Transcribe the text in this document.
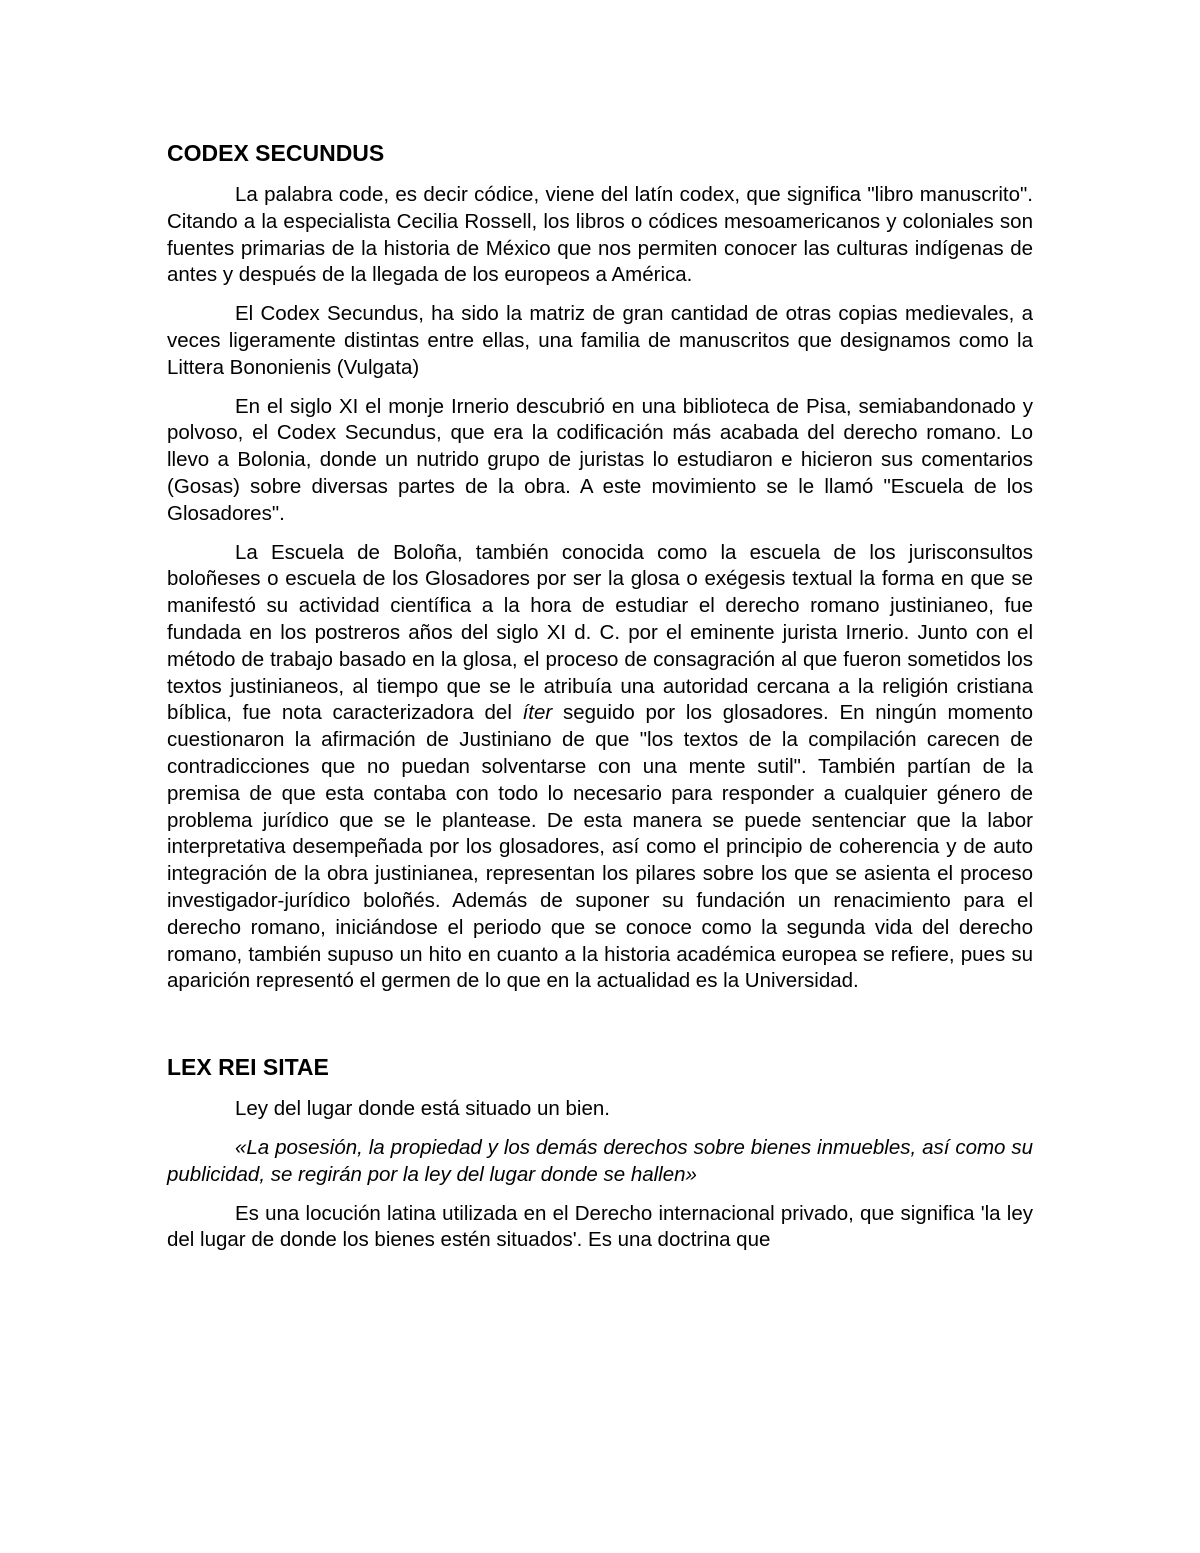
CODEX SECUNDUS

La palabra code, es decir códice, viene del latín codex, que significa "libro manuscrito". Citando a la especialista Cecilia Rossell, los libros o códices mesoamericanos y coloniales son fuentes primarias de la historia de México que nos permiten conocer las culturas indígenas de antes y después de la llegada de los europeos a América.

El Codex Secundus, ha sido la matriz de gran cantidad de otras copias medievales, a veces ligeramente distintas entre ellas, una familia de manuscritos que designamos como la Littera Bononienis (Vulgata)

En el siglo XI el monje Irnerio descubrió en una biblioteca de Pisa, semiabandonado y polvoso, el Codex Secundus, que era la codificación más acabada del derecho romano. Lo llevo a Bolonia, donde un nutrido grupo de juristas lo estudiaron e hicieron sus comentarios (Gosas) sobre diversas partes de la obra. A este movimiento se le llamó "Escuela de los Glosadores".

La Escuela de Boloña, también conocida como la escuela de los jurisconsultos boloñeses o escuela de los Glosadores por ser la glosa o exégesis textual la forma en que se manifestó su actividad científica a la hora de estudiar el derecho romano justinianeo, fue fundada en los postreros años del siglo XI d. C. por el eminente jurista Irnerio. Junto con el método de trabajo basado en la glosa, el proceso de consagración al que fueron sometidos los textos justinianeos, al tiempo que se le atribuía una autoridad cercana a la religión cristiana bíblica, fue nota caracterizadora del íter seguido por los glosadores. En ningún momento cuestionaron la afirmación de Justiniano de que "los textos de la compilación carecen de contradicciones que no puedan solventarse con una mente sutil". También partían de la premisa de que esta contaba con todo lo necesario para responder a cualquier género de problema jurídico que se le plantease. De esta manera se puede sentenciar que la labor interpretativa desempeñada por los glosadores, así como el principio de coherencia y de auto integración de la obra justinianea, representan los pilares sobre los que se asienta el proceso investigador-jurídico boloñés. Además de suponer su fundación un renacimiento para el derecho romano, iniciándose el periodo que se conoce como la segunda vida del derecho romano, también supuso un hito en cuanto a la historia académica europea se refiere, pues su aparición representó el germen de lo que en la actualidad es la Universidad.

LEX REI SITAE

Ley del lugar donde está situado un bien.

«La posesión, la propiedad y los demás derechos sobre bienes inmuebles, así como su publicidad, se regirán por la ley del lugar donde se hallen»

Es una locución latina utilizada en el Derecho internacional privado, que significa 'la ley del lugar de donde los bienes estén situados'. Es una doctrina que
